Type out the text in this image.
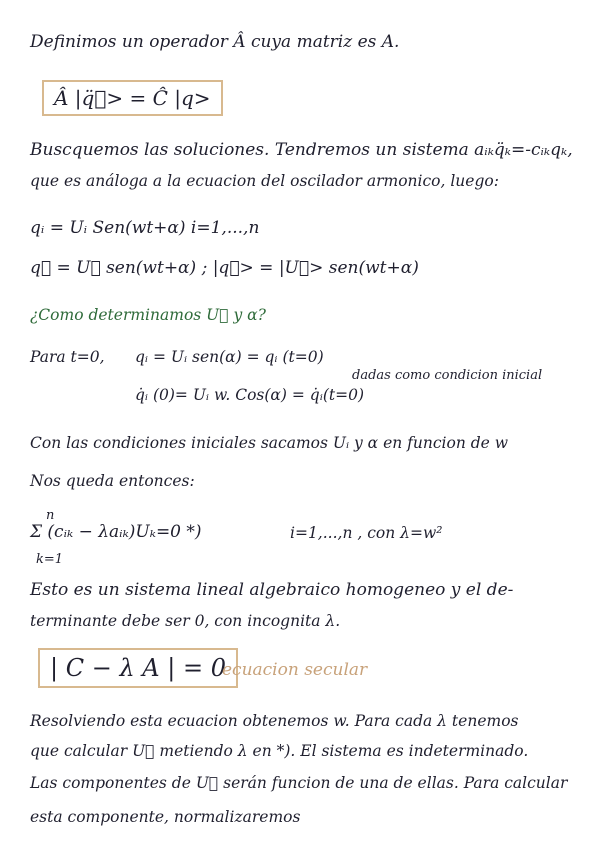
Definimos un operador Â cuya matriz es A.
Â |q̈⃗> = Ĉ |q>
Buscquemos las soluciones. Tendremos un sistema aᵢₖq̈ₖ=-cᵢₖqₖ,
que es análoga a la ecuacion del oscilador armonico, luego:
qᵢ = Uᵢ Sen(wt+α) i=1,...,n
q⃗ = U⃗ sen(wt+α) ; |q⃗> = |U⃗> sen(wt+α)
¿Como determinamos U⃗ y α?
Para t=0, qᵢ = Uᵢ sen(α) = qᵢ (t=0)
dadas como condicion inicial
q̇ᵢ (0)= Uᵢ w. Cos(α) = q̇ᵢ(t=0)
Con las condiciones iniciales sacamos Uᵢ y α en funcion de w
Nos queda entonces:
n
Σ (cᵢₖ − λaᵢₖ)Uₖ=0 *)	i=1,...,n , con λ=w²
k=1
Esto es un sistema lineal algebraico homogeneo y el de-
terminante debe ser 0, con incognita λ.
| C − λ A | = 0
ecuacion secular
Resolviendo esta ecuacion obtenemos w. Para cada λ tenemos
que calcular U⃗ metiendo λ en *). El sistema es indeterminado.
Las componentes de U⃗ serán funcion de una de ellas. Para calcular
esta componente, normalizaremos
